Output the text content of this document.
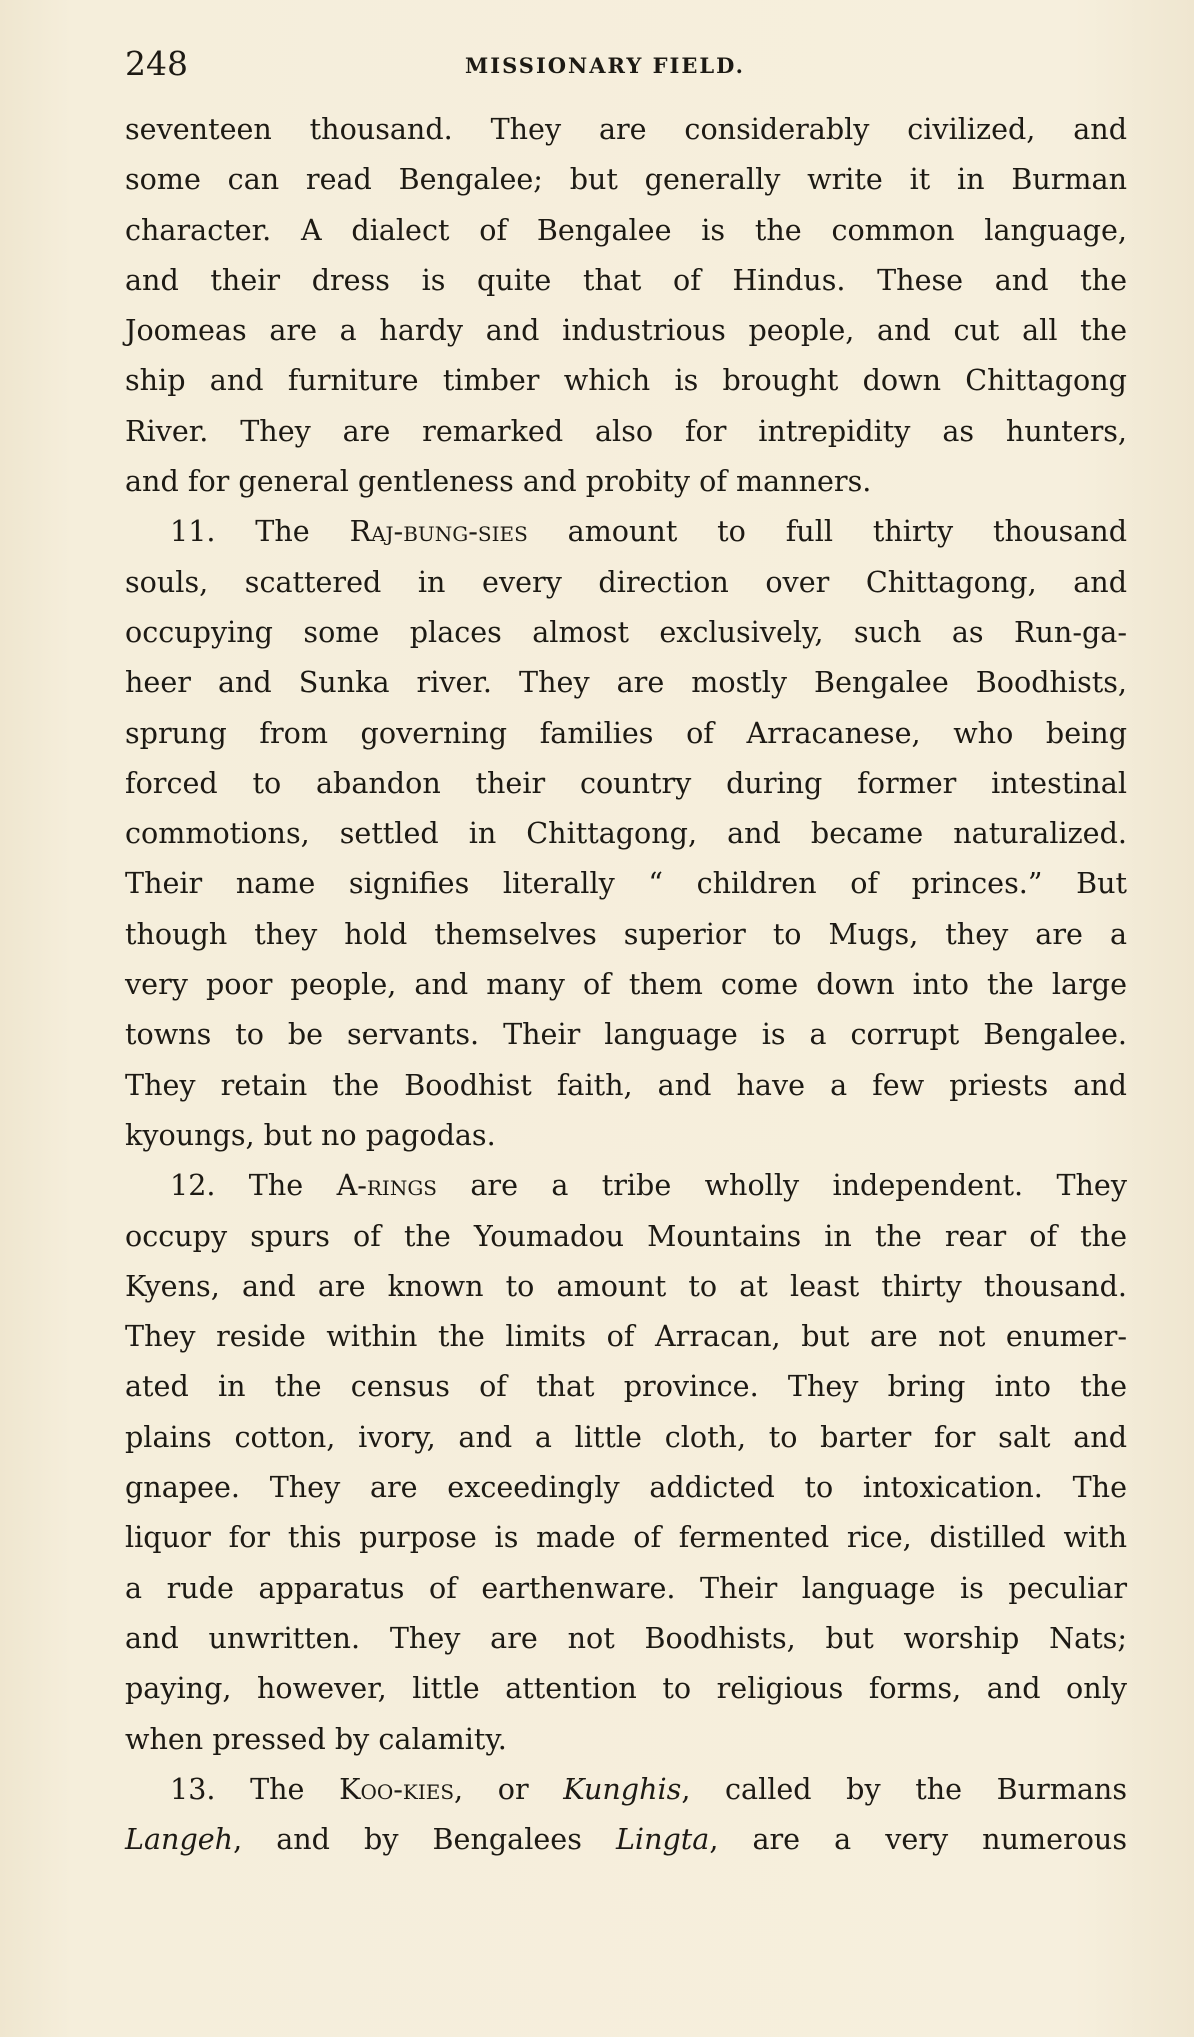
248	MISSIONARY FIELD.
seventeen thousand. They are considerably civilized, and
some can read Bengalee; but generally write it in Burman
character. A dialect of Bengalee is the common language,
and their dress is quite that of Hindus. These and the
Joomeas are a hardy and industrious people, and cut all the
ship and furniture timber which is brought down Chittagong
River. They are remarked also for intrepidity as hunters,
and for general gentleness and probity of manners.
11. The Raj-bung-sies amount to full thirty thousand
souls, scattered in every direction over Chittagong, and
occupying some places almost exclusively, such as Run-ga-
heer and Sunka river. They are mostly Bengalee Boodhists,
sprung from governing families of Arracanese, who being
forced to abandon their country during former intestinal
commotions, settled in Chittagong, and became naturalized.
Their name signifies literally “ children of princes.” But
though they hold themselves superior to Mugs, they are a
very poor people, and many of them come down into the large
towns to be servants. Their language is a corrupt Bengalee.
They retain the Boodhist faith, and have a few priests and
kyoungs, but no pagodas.
12. The A-rings are a tribe wholly independent. They
occupy spurs of the Youmadou Mountains in the rear of the
Kyens, and are known to amount to at least thirty thousand.
They reside within the limits of Arracan, but are not enumer-
ated in the census of that province. They bring into the
plains cotton, ivory, and a little cloth, to barter for salt and
gnapee. They are exceedingly addicted to intoxication. The
liquor for this purpose is made of fermented rice, distilled with
a rude apparatus of earthenware. Their language is peculiar
and unwritten. They are not Boodhists, but worship Nats;
paying, however, little attention to religious forms, and only
when pressed by calamity.
13. The Koo-kies, or Kunghis, called by the Burmans
Langeh, and by Bengalees Lingta, are a very numerous
